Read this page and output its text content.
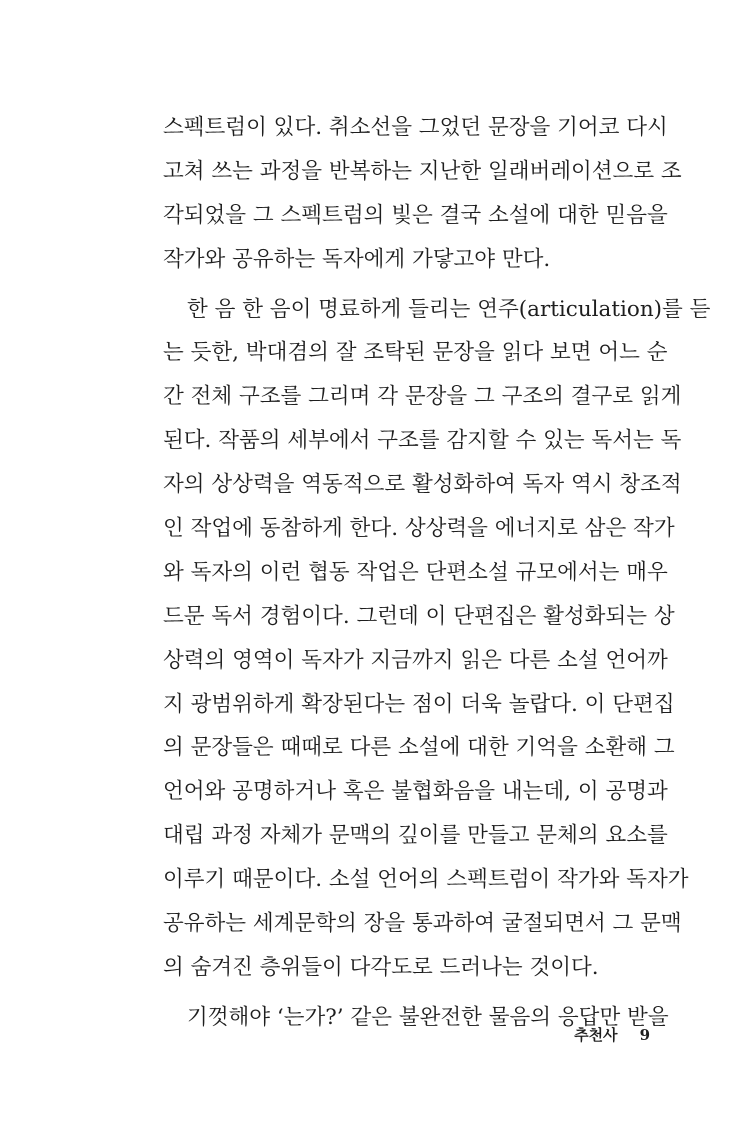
스펙트럼이 있다. 취소선을 그었던 문장을 기어코 다시
고쳐 쓰는 과정을 반복하는 지난한 일래버레이션으로 조
각되었을 그 스펙트럼의 빛은 결국 소설에 대한 믿음을
작가와 공유하는 독자에게 가닿고야 만다.
한 음 한 음이 명료하게 들리는 연주(articulation)를 듣
는 듯한, 박대겸의 잘 조탁된 문장을 읽다 보면 어느 순
간 전체 구조를 그리며 각 문장을 그 구조의 결구로 읽게
된다. 작품의 세부에서 구조를 감지할 수 있는 독서는 독
자의 상상력을 역동적으로 활성화하여 독자 역시 창조적
인 작업에 동참하게 한다. 상상력을 에너지로 삼은 작가
와 독자의 이런 협동 작업은 단편소설 규모에서는 매우
드문 독서 경험이다. 그런데 이 단편집은 활성화되는 상
상력의 영역이 독자가 지금까지 읽은 다른 소설 언어까
지 광범위하게 확장된다는 점이 더욱 놀랍다. 이 단편집
의 문장들은 때때로 다른 소설에 대한 기억을 소환해 그
언어와 공명하거나 혹은 불협화음을 내는데, 이 공명과
대립 과정 자체가 문맥의 깊이를 만들고 문체의 요소를
이루기 때문이다. 소설 언어의 스펙트럼이 작가와 독자가
공유하는 세계문학의 장을 통과하여 굴절되면서 그 문맥
의 숨겨진 층위들이 다각도로 드러나는 것이다.
기껏해야 ‘는가?’ 같은 불완전한 물음의 응답만 받을
추천사 9
